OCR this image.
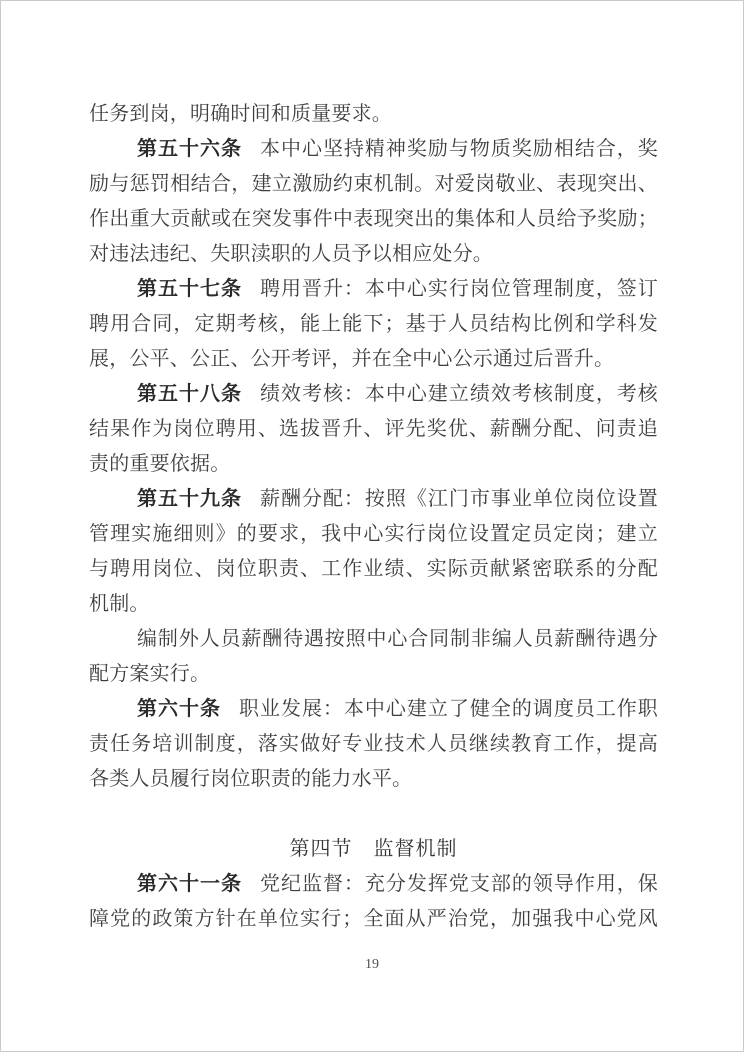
任务到岗，明确时间和质量要求。
第五十六条 本中心坚持精神奖励与物质奖励相结合，奖
励与惩罚相结合，建立激励约束机制。对爱岗敬业、表现突出、
作出重大贡献或在突发事件中表现突出的集体和人员给予奖励；
对违法违纪、失职渎职的人员予以相应处分。
第五十七条 聘用晋升：本中心实行岗位管理制度，签订
聘用合同，定期考核，能上能下；基于人员结构比例和学科发
展，公平、公正、公开考评，并在全中心公示通过后晋升。
第五十八条 绩效考核：本中心建立绩效考核制度，考核
结果作为岗位聘用、选拔晋升、评先奖优、薪酬分配、问责追
责的重要依据。
第五十九条 薪酬分配：按照《江门市事业单位岗位设置
管理实施细则》的要求，我中心实行岗位设置定员定岗；建立
与聘用岗位、岗位职责、工作业绩、实际贡献紧密联系的分配
机制。
编制外人员薪酬待遇按照中心合同制非编人员薪酬待遇分
配方案实行。
第六十条 职业发展：本中心建立了健全的调度员工作职
责任务培训制度，落实做好专业技术人员继续教育工作，提高
各类人员履行岗位职责的能力水平。
第四节　监督机制
第六十一条 党纪监督：充分发挥党支部的领导作用，保
障党的政策方针在单位实行；全面从严治党，加强我中心党风
19
